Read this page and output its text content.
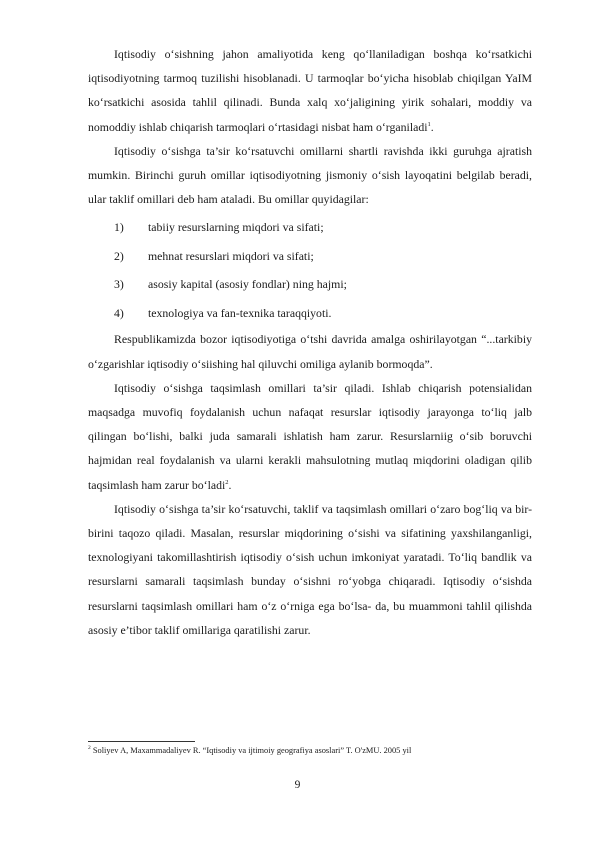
Iqtisodiy o‘sishning jahon amaliyotida keng qo‘llaniladigan boshqa ko‘rsatkichi iqtisodiyotning tarmoq tuzilishi hisoblanadi. U tarmoqlar bo‘yicha hisoblab chiqilgan YaIM ko‘rsatkichi asosida tahlil qilinadi. Bunda xalq xo‘jaligining yirik sohalari, moddiy va nomoddiy ishlab chiqarish tarmoqlari o‘rtasidagi nisbat ham o‘rganiladi$^1$.

Iqtisodiy o‘sishga ta’sir ko‘rsatuvchi omillarni shartli ravishda ikki guruhga ajratish mumkin. Birinchi guruh omillar iqtisodiyotning jismoniy o‘sish layoqatini belgilab beradi, ular taklif omillari deb ham ataladi. Bu omillar quyidagilar:

1) tabiiy resurslarning miqdori va sifati;
2) mehnat resurslari miqdori va sifati;
3) asosiy kapital (asosiy fondlar) ning hajmi;
4) texnologiya va fan-texnika taraqqiyoti.

Respublikamizda bozor iqtisodiyotiga o‘tshi davrida amalga oshirilayotgan “...tarkibiy o‘zgarishlar iqtisodiy o‘siishing hal qiluvchi omiliga aylanib bormoqda”.

Iqtisodiy o‘sishga taqsimlash omillari ta’sir qiladi. Ishlab chiqarish potensialidan maqsadga muvofiq foydalanish uchun nafaqat resurslar iqtisodiy jarayonga to‘liq jalb qilingan bo‘lishi, balki juda samarali ishlatish ham zarur. Resurslarniig o‘sib boruvchi hajmidan real foydalanish va ularni kerakli mahsulotning mutlaq miqdorini oladigan qilib taqsimlash ham zarur bo‘ladi$^2$.

Iqtisodiy o‘sishga ta’sir ko‘rsatuvchi, taklif va taqsimlash omillari o‘zaro bog‘liq va bir-birini taqozo qiladi. Masalan, resurslar miqdorining o‘sishi va sifatining yaxshilanganligi, texnologiyani takomillashtirish iqtisodiy o‘sish uchun imkoniyat yaratadi. To‘liq bandlik va resurslarni samarali taqsimlash bunday o‘sishni ro‘yobga chiqaradi. Iqtisodiy o‘sishda resurslarni taqsimlash omillari ham o‘z o‘rniga ega bo‘lsa- da, bu muammoni tahlil qilishda asosiy e’tibor taklif omillariga qaratilishi zarur.

$^2$ Soliyev A, Maxammadaliyev R. “Iqtisodiy va ijtimoiy geografiya asoslari” T. O'zMU. 2005 yil
9
